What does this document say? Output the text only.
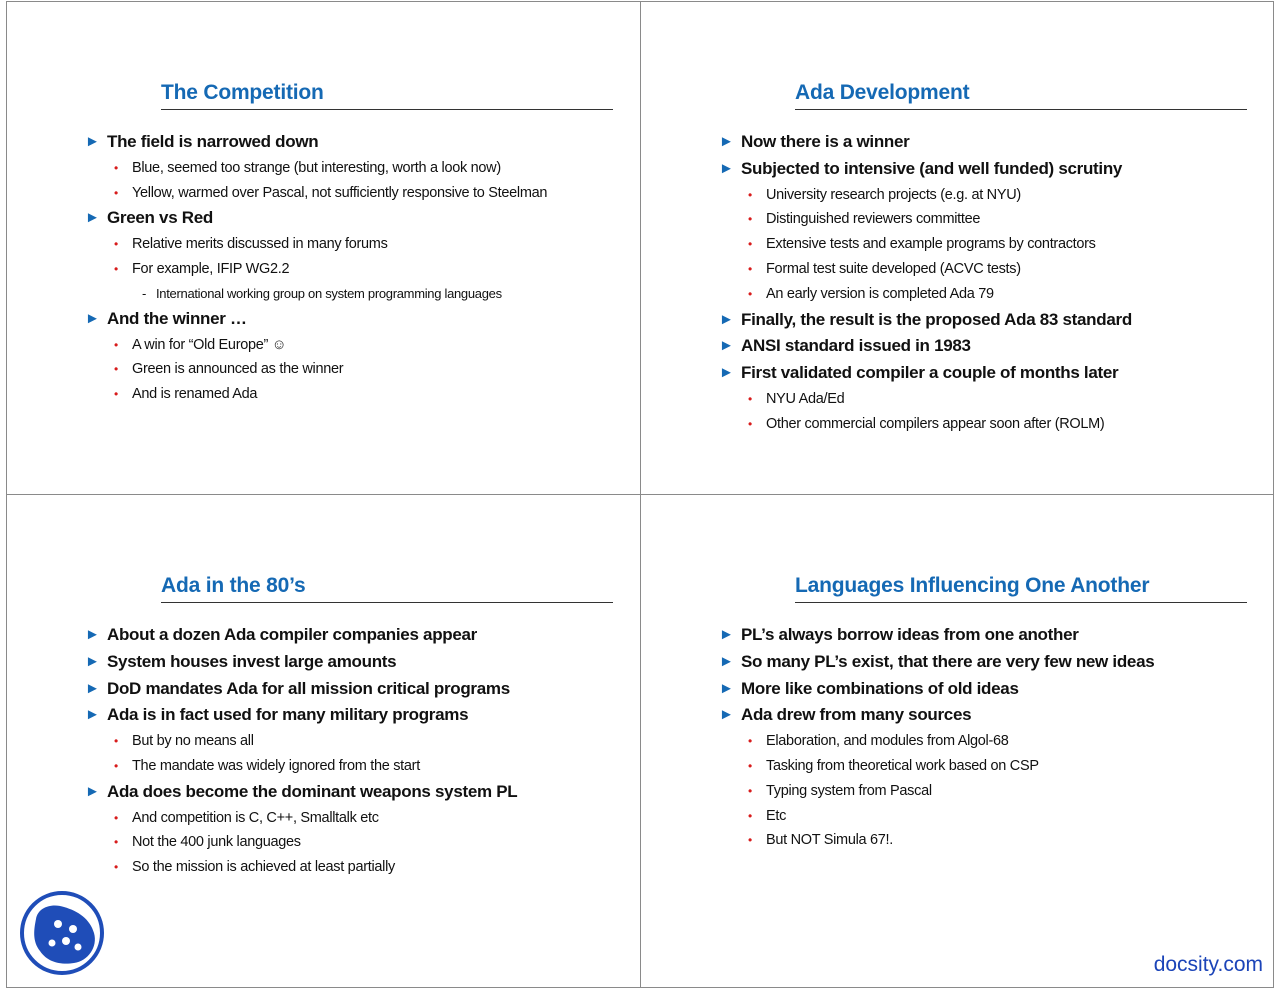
The Competition
► The field is narrowed down
• Blue, seemed too strange (but interesting, worth a look now)
• Yellow, warmed over Pascal, not sufficiently responsive to Steelman
► Green vs Red
• Relative merits discussed in many forums
• For example, IFIP WG2.2
- International working group on system programming languages
► And the winner …
• A win for “Old Europe” ☺
• Green is announced as the winner
• And is renamed Ada
Ada Development
► Now there is a winner
► Subjected to intensive (and well funded) scrutiny
• University research projects (e.g. at NYU)
• Distinguished reviewers committee
• Extensive tests and example programs by contractors
• Formal test suite developed (ACVC tests)
• An early version is completed Ada 79
► Finally, the result is the proposed Ada 83 standard
► ANSI standard issued in 1983
► First validated compiler a couple of months later
• NYU Ada/Ed
• Other commercial compilers appear soon after (ROLM)
Ada in the 80’s
► About a dozen Ada compiler companies appear
► System houses invest large amounts
► DoD mandates Ada for all mission critical programs
► Ada is in fact used for many military programs
• But by no means all
• The mandate was widely ignored from the start
► Ada does become the dominant weapons system PL
• And competition is C, C++, Smalltalk etc
• Not the 400 junk languages
• So the mission is achieved at least partially
Languages Influencing One Another
► PL’s always borrow ideas from one another
► So many PL’s exist, that there are very few new ideas
► More like combinations of old ideas
► Ada drew from many sources
• Elaboration, and modules from Algol-68
• Tasking from theoretical work based on CSP
• Typing system from Pascal
• Etc
• But NOT Simula 67!.
docsity.com
